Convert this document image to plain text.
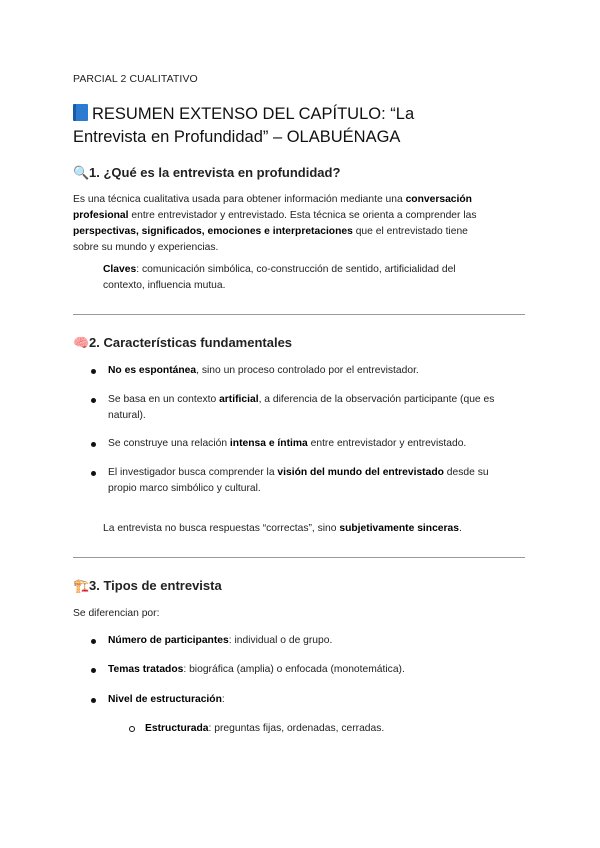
PARCIAL 2 CUALITATIVO
RESUMEN EXTENSO DEL CAPÍTULO: “La
Entrevista en Profundidad” – OLABUÉNAGA
🔍1. ¿Qué es la entrevista en profundidad?
Es una técnica cualitativa usada para obtener información mediante una conversación
profesional entre entrevistador y entrevistado. Esta técnica se orienta a comprender las
perspectivas, significados, emociones e interpretaciones que el entrevistado tiene
sobre su mundo y experiencias.
Claves: comunicación simbólica, co-construcción de sentido, artificialidad del
contexto, influencia mutua.
🧠2. Características fundamentales
No es espontánea, sino un proceso controlado por el entrevistador.
Se basa en un contexto artificial, a diferencia de la observación participante (que es
natural).
Se construye una relación intensa e íntima entre entrevistador y entrevistado.
El investigador busca comprender la visión del mundo del entrevistado desde su
propio marco simbólico y cultural.
La entrevista no busca respuestas “correctas”, sino subjetivamente sinceras.
🏗️3. Tipos de entrevista
Se diferencian por:
Número de participantes: individual o de grupo.
Temas tratados: biográfica (amplia) o enfocada (monotemática).
Nivel de estructuración:
Estructurada: preguntas fijas, ordenadas, cerradas.
